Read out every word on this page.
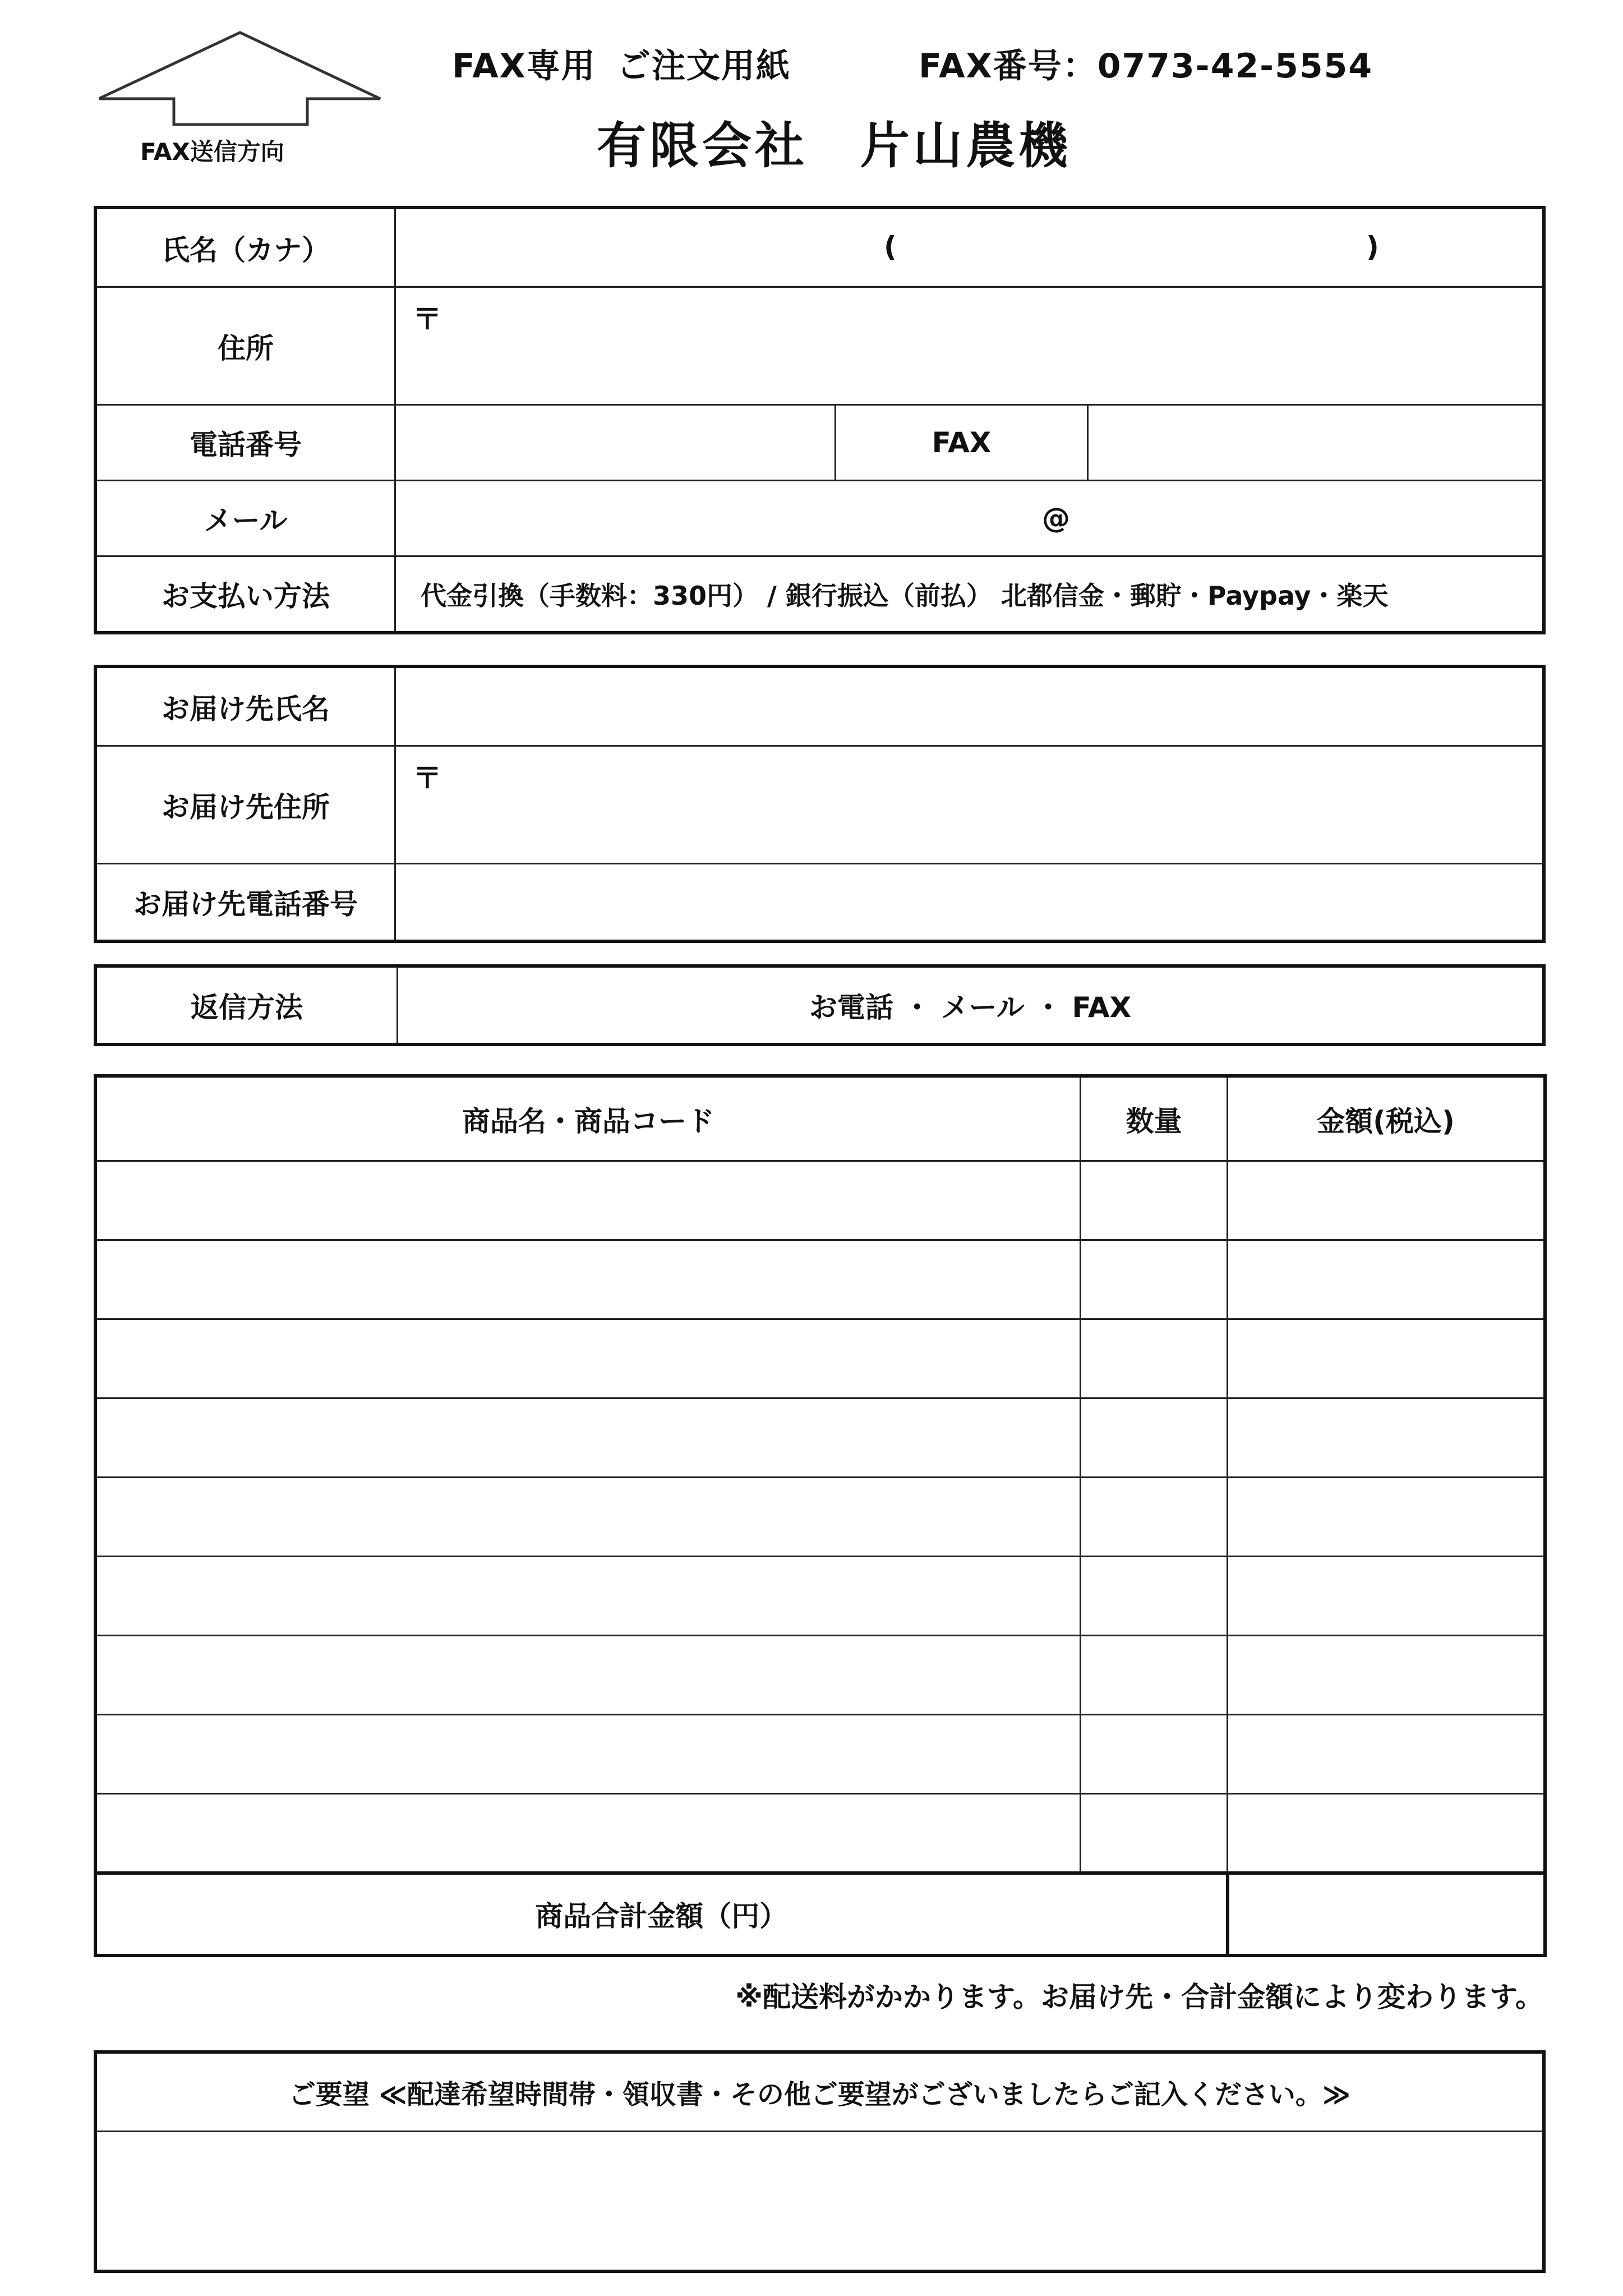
FAX送信方向
FAX専用 ご注文用紙	FAX番号：0773-42-5554
有限会社　片山農機
氏名（カナ）	( )		

住所	〒		

電話番号		FAX	
メール	@		
お支払い方法	代金引換（手数料：330円） / 銀行振込（前払） 北都信金・郵貯・Paypay・楽天		
お届け先氏名	
お届け先住所	〒

お届け先電話番号	
返信方法	お電話 ・ メール ・ FAX
商品名・商品コード	数量	金額(税込)

商品合計金額（円）		
※配送料がかかります。お届け先・合計金額により変わります。
ご要望 ≪配達希望時間帯・領収書・その他ご要望がございましたらご記入ください。≫
